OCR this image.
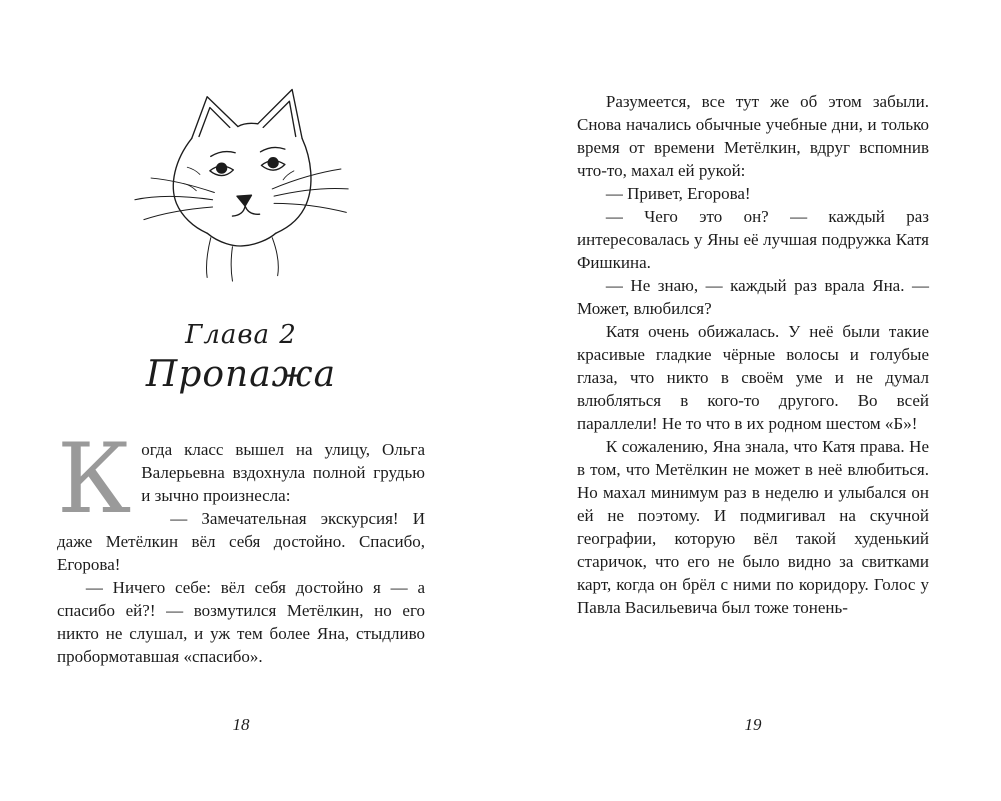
Глава 2
Пропажа

Когда класс вышел на улицу, Ольга Валерьевна вздохнула полной грудью и зычно произнесла:

— Замечательная экскурсия! И даже Метёлкин вёл себя достойно. Спасибо, Егорова!

— Ничего себе: вёл себя достойно я — а спасибо ей?! — возмутился Метёлкин, но его никто не слушал, и уж тем более Яна, стыдливо пробормотавшая «спасибо».

18

Разумеется, все тут же об этом забыли. Снова начались обычные учебные дни, и только время от времени Метёлкин, вдруг вспомнив что-то, махал ей рукой:

— Привет, Егорова!

— Чего это он? — каждый раз интересовалась у Яны её лучшая подружка Катя Фишкина.

— Не знаю, — каждый раз врала Яна. — Может, влюбился?

Катя очень обижалась. У неё были такие красивые гладкие чёрные волосы и голубые глаза, что никто в своём уме и не думал влюбляться в кого-то другого. Во всей параллели! Не то что в их родном шестом «Б»!

К сожалению, Яна знала, что Катя права. Не в том, что Метёлкин не может в неё влюбиться. Но махал минимум раз в неделю и улыбался он ей не поэтому. И подмигивал на скучной географии, которую вёл такой худенький старичок, что его не было видно за свитками карт, когда он брёл с ними по коридору. Голос у Павла Васильевича был тоже тонень-

19
